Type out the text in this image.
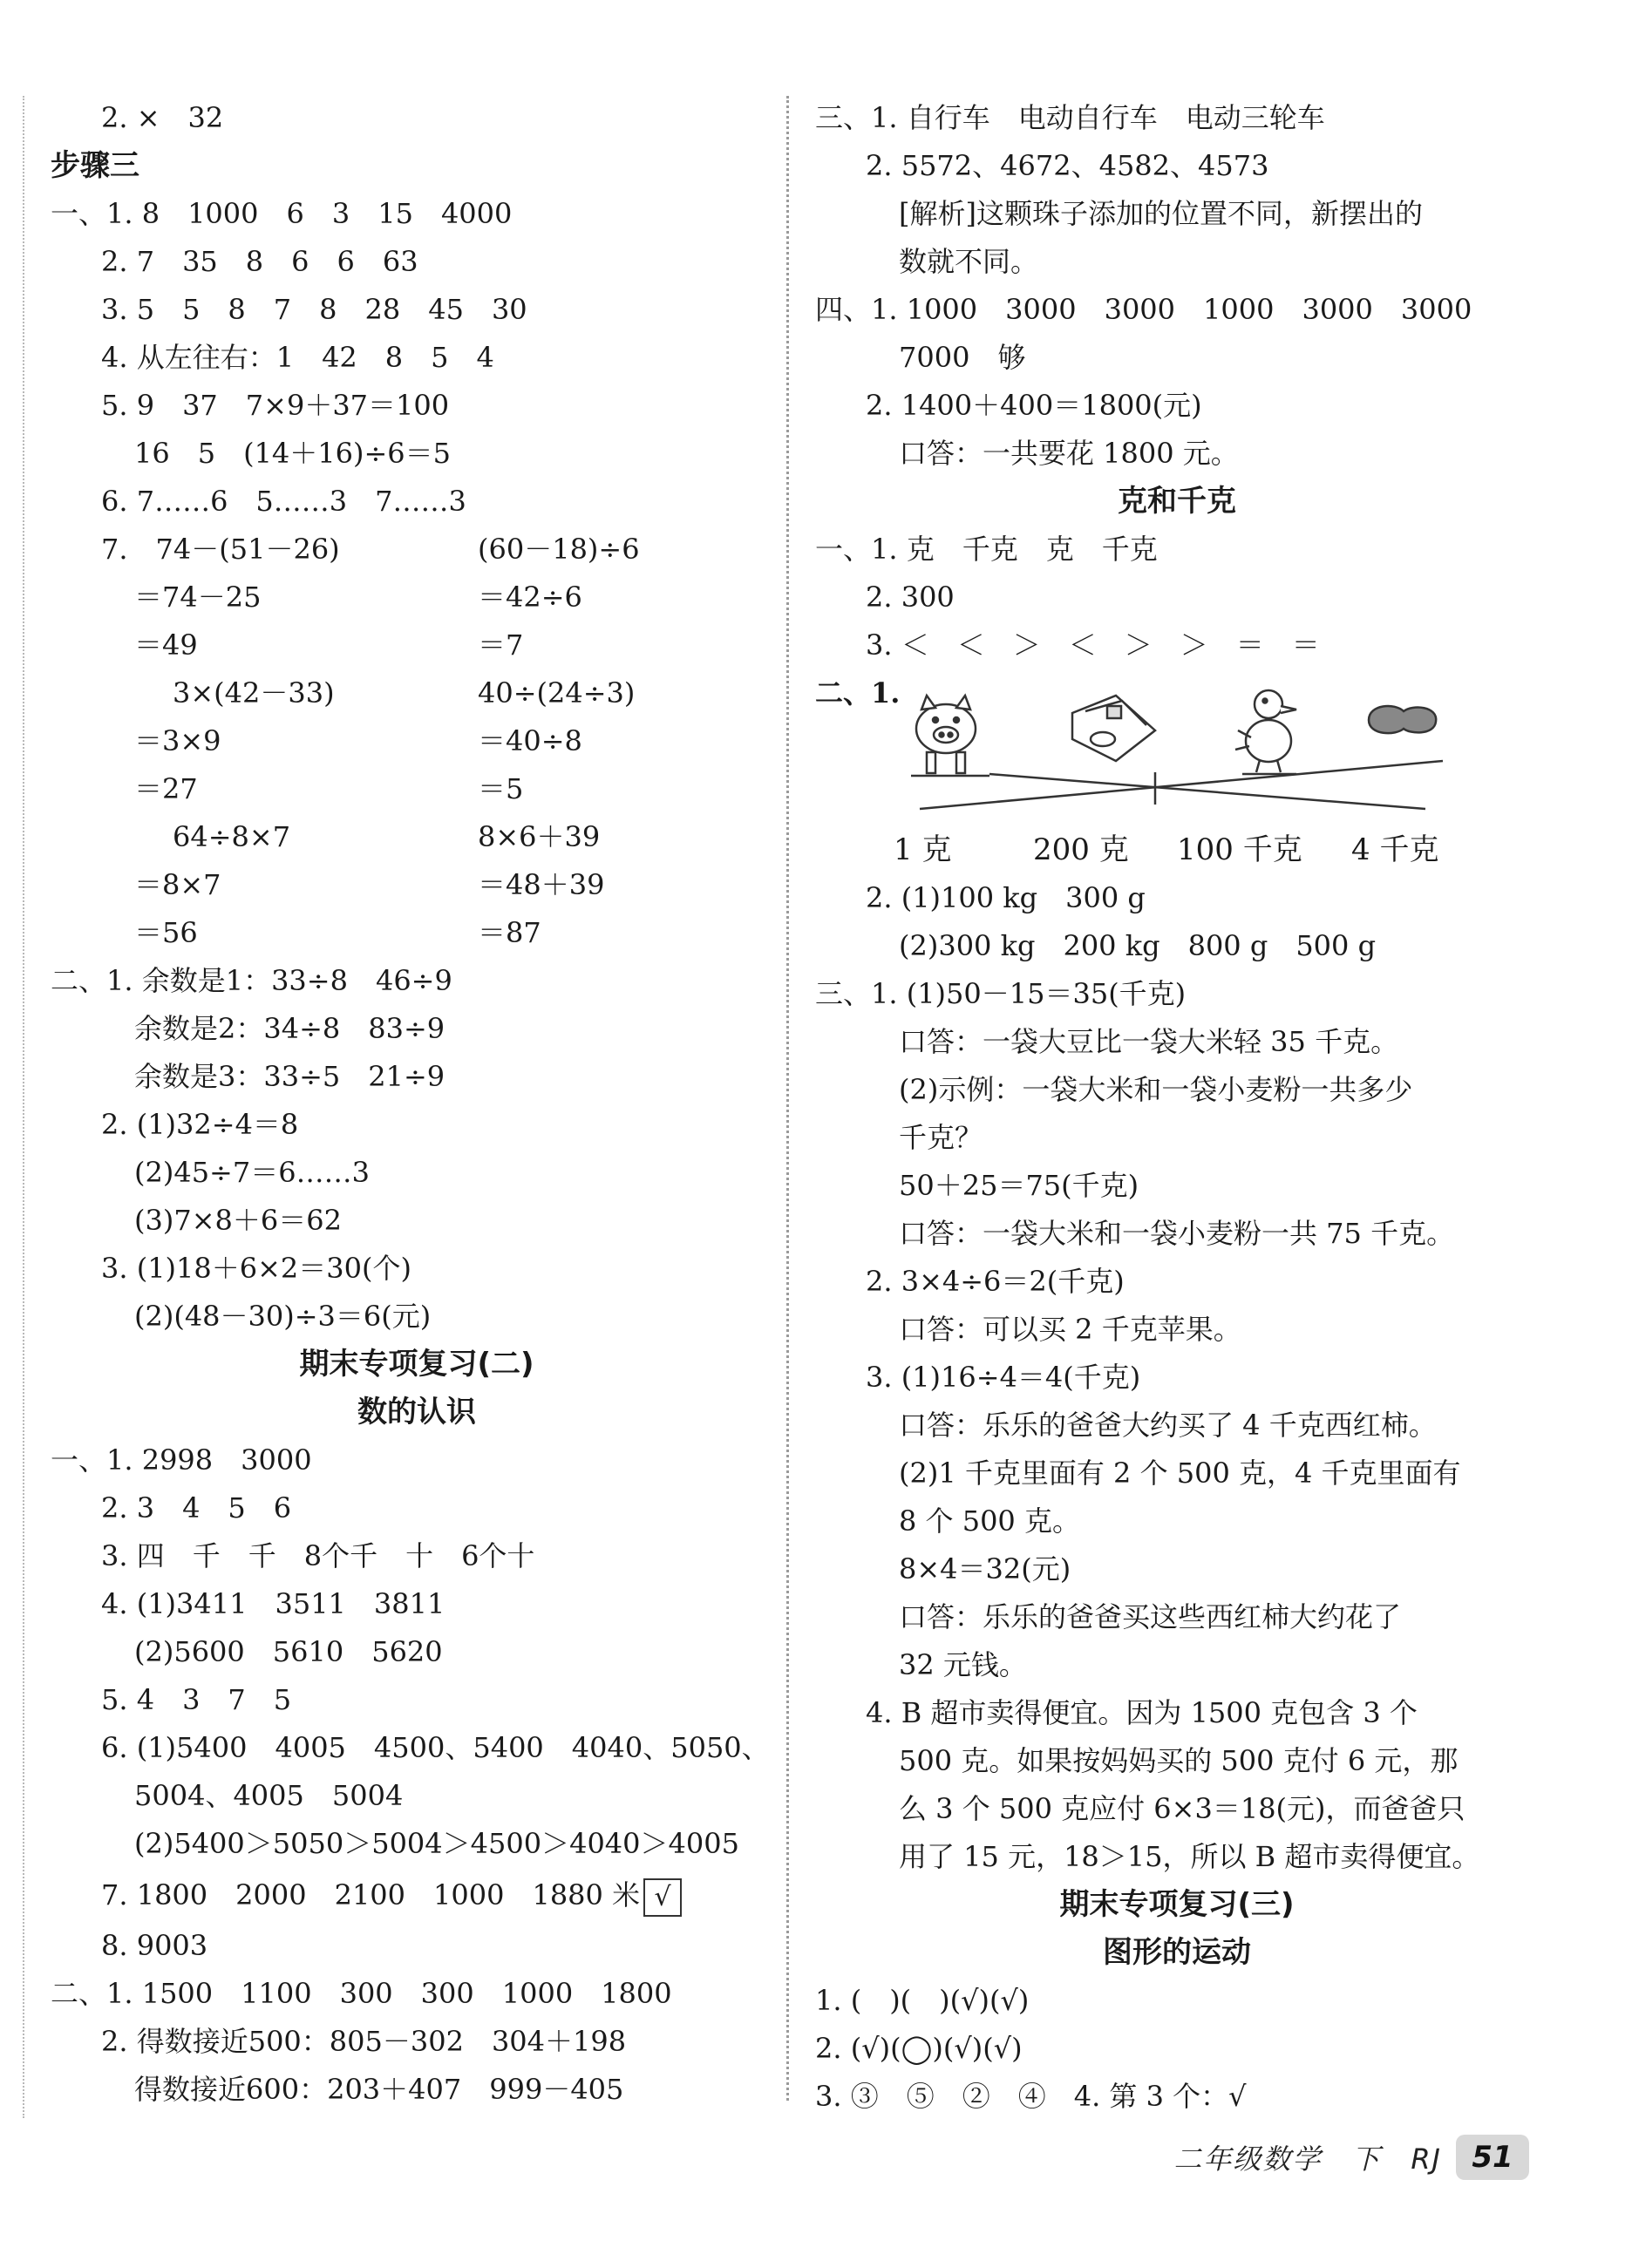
2. ×　32
步骤三
一、1. 8　1000　6　3　15　4000
2. 7　35　8　6　6　63
3. 5　5　8　7　8　28　45　30
4. 从左往右：1　42　8　5　4
5. 9　37　7×9＋37＝100
16　5　(14＋16)÷6＝5
6. 7……6　5……3　7……3
7.　74－(51－26)	(60－18)÷6
＝74－25	＝42÷6
＝49	＝7
3×(42－33)	40÷(24÷3)
＝3×9	＝40÷8
＝27	＝5
64÷8×7	8×6＋39
＝8×7	＝48＋39
＝56	＝87
二、1. 余数是1：33÷8　46÷9
余数是2：34÷8　83÷9
余数是3：33÷5　21÷9
2. (1)32÷4＝8
(2)45÷7＝6……3
(3)7×8＋6＝62
3. (1)18＋6×2＝30(个)
(2)(48－30)÷3＝6(元)
期末专项复习(二)
数的认识
一、1. 2998　3000
2. 3　4　5　6
3. 四　千　千　8个千　十　6个十
4. (1)3411　3511　3811
(2)5600　5610　5620
5. 4　3　7　5
6. (1)5400　4005　4500、5400　4040、5050、
5004、4005　5004
(2)5400＞5050＞5004＞4500＞4040＞4005
7. 1800　2000　2100　1000　1880 米 √
8. 9003
二、1. 1500　1100　300　300　1000　1800
2. 得数接近500：805－302　304＋198
得数接近600：203＋407　999－405
三、1. 自行车　电动自行车　电动三轮车
2. 5572、4672、4582、4573
[解析]这颗珠子添加的位置不同，新摆出的
数就不同。
四、1. 1000　3000　3000　1000　3000　3000
7000　够
2. 1400＋400＝1800(元)
口答：一共要花 1800 元。
克和千克
一、1. 克　千克　克　千克
2. 300
3. ＜　＜　＞　＜　＞　＞　＝　＝
二、1.
1 克	200 克 100 千克 4 千克
2. (1)100 kg　300 g
(2)300 kg　200 kg　800 g　500 g
三、1. (1)50－15＝35(千克)
口答：一袋大豆比一袋大米轻 35 千克。
(2)示例：一袋大米和一袋小麦粉一共多少
千克？
50＋25＝75(千克)
口答：一袋大米和一袋小麦粉一共 75 千克。
2. 3×4÷6＝2(千克)
口答：可以买 2 千克苹果。
3. (1)16÷4＝4(千克)
口答：乐乐的爸爸大约买了 4 千克西红柿。
(2)1 千克里面有 2 个 500 克，4 千克里面有
8 个 500 克。
8×4＝32(元)
口答：乐乐的爸爸买这些西红柿大约花了
32 元钱。
4. B 超市卖得便宜。因为 1500 克包含 3 个
500 克。如果按妈妈买的 500 克付 6 元，那
么 3 个 500 克应付 6×3＝18(元)，而爸爸只
用了 15 元，18＞15，所以 B 超市卖得便宜。
期末专项复习(三)
图形的运动
1. (　)(　)(√)(√)
2. (√)(◯)(√)(√)
3. ③　⑤　②　④　4. 第 3 个：√
二年级数学　下　RJ	51
